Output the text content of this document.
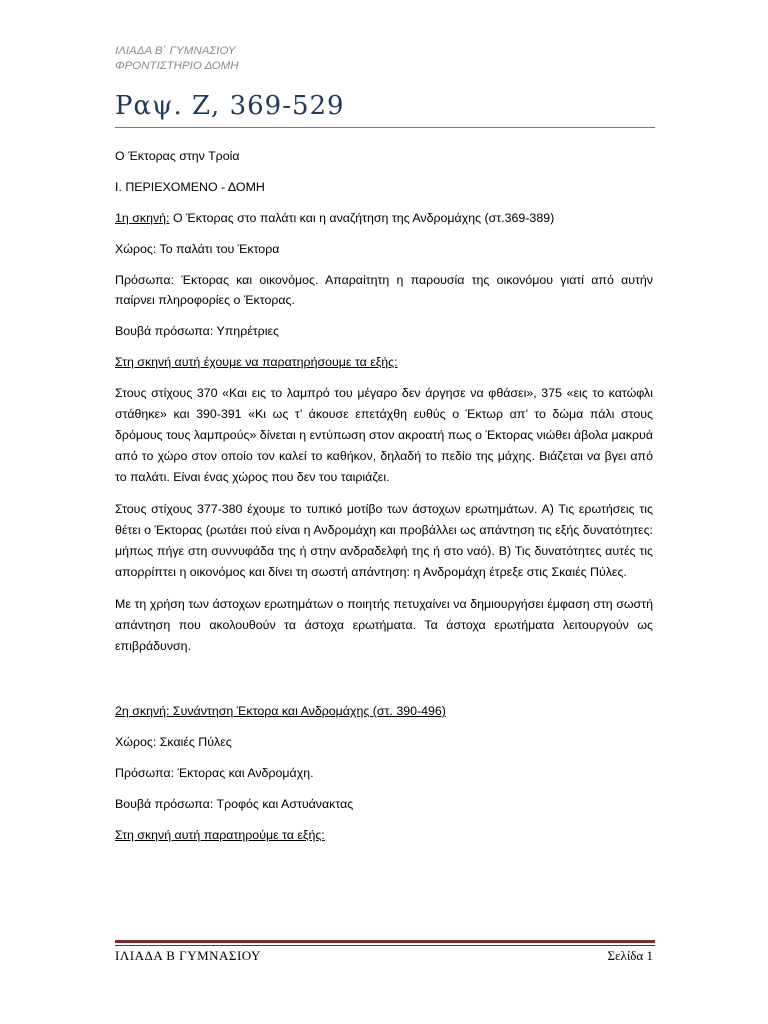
ΙΛΙΑΔΑ Β΄ ΓΥΜΝΑΣΙΟΥ
ΦΡΟΝΤΙΣΤΗΡΙΟ ΔΟΜΗ
Ραψ. Ζ, 369-529

Ο Έκτορας στην Τροία

Ι. ΠΕΡΙΕΧΟΜΕΝΟ - ΔΟΜΗ

1η σκηνή: Ο Έκτορας στο παλάτι και η αναζήτηση της Ανδρομάχης (στ.369-389)

Χώρος: Το παλάτι του Έκτορα

Πρόσωπα: Έκτορας και οικονόμος. Απαραίτητη η παρουσία της οικονόμου γιατί από αυτήν παίρνει πληροφορίες ο Έκτορας.

Βουβά πρόσωπα: Υπηρέτριες

Στη σκηνή αυτή έχουμε να παρατηρήσουμε τα εξής:

Στους στίχους 370 «Και εις το λαμπρό του μέγαρο δεν άργησε να φθάσει», 375 «εις το κατώφλι στάθηκε» και 390-391 «Κι ως τ’ άκουσε επετάχθη ευθύς ο Έκτωρ απ’ το δώμα πάλι στους δρόμους τους λαμπρούς» δίνεται η εντύπωση στον ακροατή πως ο Έκτορας νιώθει άβολα μακρυά από το χώρο στον οποίο τον καλεί το καθήκον, δηλαδή το πεδίο της μάχης. Βιάζεται να βγει από το παλάτι. Είναι ένας χώρος που δεν του ταιριάζει.

Στους στίχους 377-380 έχουμε το τυπικό μοτίβο των άστοχων ερωτημάτων. Α) Τις ερωτήσεις τις θέτει ο Έκτορας (ρωτάει πού είναι η Ανδρομάχη και προβάλλει ως απάντηση τις εξής δυνατότητες: μήπως πήγε στη συννυφάδα της ή στην ανδραδελφή της ή στο ναό). Β) Τις δυνατότητες αυτές τις απορρίπτει η οικονόμος και δίνει τη σωστή απάντηση: η Ανδρομάχη έτρεξε στις Σκαιές Πύλες.

Με τη χρήση των άστοχων ερωτημάτων ο ποιητής πετυχαίνει να δημιουργήσει έμφαση στη σωστή απάντηση που ακολουθούν τα άστοχα ερωτήματα. Τα άστοχα ερωτήματα λειτουργούν ως επιβράδυνση.

2η σκηνή: Συνάντηση Έκτορα και Ανδρομάχης (στ. 390-496)

Χώρος: Σκαιές Πύλες

Πρόσωπα: Έκτορας και Ανδρομάχη.

Βουβά πρόσωπα: Τροφός και Αστυάνακτας

Στη σκηνή αυτή παρατηρούμε τα εξής:

ΙΛΙΑΔΑ Β ΓΥΜΝΑΣΙΟΥ	Σελίδα 1
